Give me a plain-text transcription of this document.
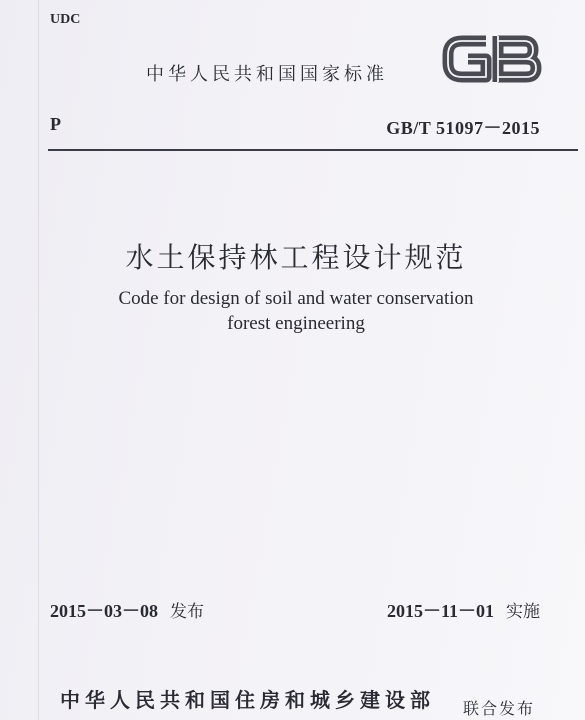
UDC
中华人民共和国国家标准
P	GB/T 51097－2015
水土保持林工程设计规范
Code for design of soil and water conservation
forest engineering
2015－03－08 发布	2015－11－01 实施
中华人民共和国住房和城乡建设部 联合发布
